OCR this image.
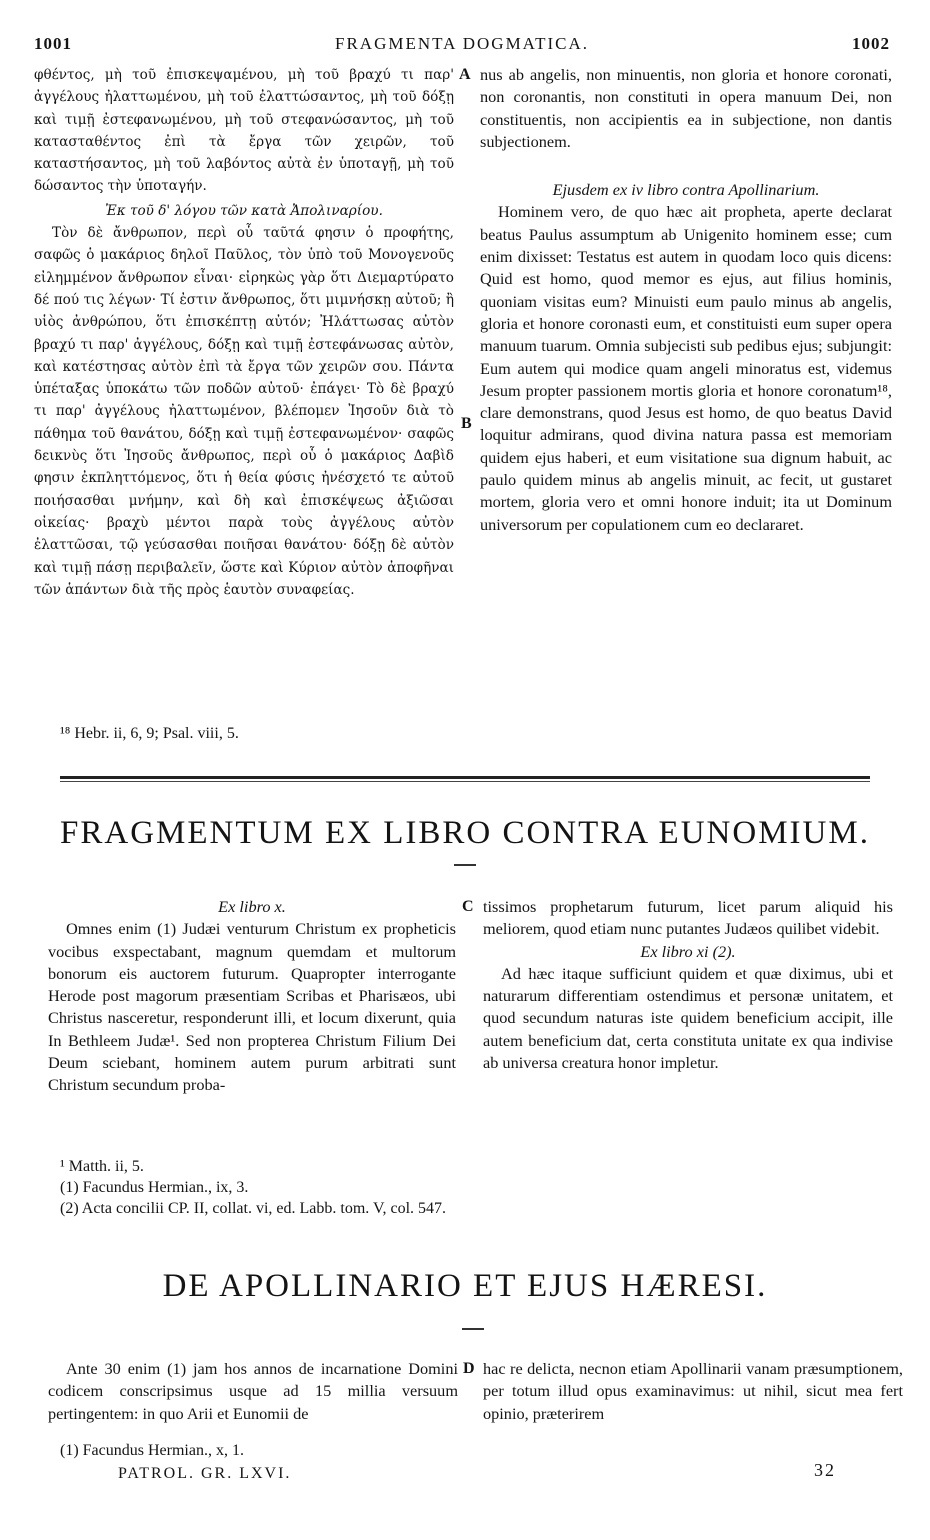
1001	FRAGMENTA DOGMATICA.	1002

φθέντος, μὴ τοῦ ἐπισκεψαμένου, μὴ τοῦ βραχύ τι παρ' ἀγγέλους ἠλαττωμένου, μὴ τοῦ ἐλαττώσαντος, μὴ τοῦ δόξῃ καὶ τιμῇ ἐστεφανωμένου, μὴ τοῦ στεφανώσαντος, μὴ τοῦ κατασταθέντος ἐπὶ τὰ ἔργα τῶν χειρῶν, τοῦ καταστήσαντος, μὴ τοῦ λαβόντος αὐτὰ ἐν ὑποταγῇ, μὴ τοῦ δώσαντος τὴν ὑποταγήν.

Ἐκ τοῦ δ' λόγου τῶν κατὰ Ἀπολιναρίου.

Τὸν δὲ ἄνθρωπον, περὶ οὗ ταῦτά φησιν ὁ προφήτης, σαφῶς ὁ μακάριος δηλοῖ Παῦλος, τὸν ὑπὸ τοῦ Μονογενοῦς εἰλημμένον ἄνθρωπον εἶναι· εἰρηκὼς γὰρ ὅτι Διεμαρτύρατο δέ πού τις λέγων· Τί ἐστιν ἄνθρωπος, ὅτι μιμνήσκῃ αὐτοῦ; ἢ υἱὸς ἀνθρώπου, ὅτι ἐπισκέπτῃ αὐτόν; Ἠλάττωσας αὐτὸν βραχύ τι παρ' ἀγγέλους, δόξῃ καὶ τιμῇ ἐστεφάνωσας αὐτὸν, καὶ κατέστησας αὐτὸν ἐπὶ τὰ ἔργα τῶν χειρῶν σου. Πάντα ὑπέταξας ὑποκάτω τῶν ποδῶν αὐτοῦ· ἐπάγει· Τὸ δὲ βραχύ τι παρ' ἀγγέλους ἠλαττωμένον, βλέπομεν Ἰησοῦν διὰ τὸ πάθημα τοῦ θανάτου, δόξῃ καὶ τιμῇ ἐστεφανωμένον· σαφῶς δεικνὺς ὅτι Ἰησοῦς ἄνθρωπος, περὶ οὗ ὁ μακάριος Δαβὶδ φησιν ἐκπληττόμενος, ὅτι ἡ θεία φύσις ἠνέσχετό τε αὐτοῦ ποιήσασθαι μνήμην, καὶ δὴ καὶ ἐπισκέψεως ἀξιῶσαι οἰκείας· βραχὺ μέντοι παρὰ τοὺς ἀγγέλους αὐτὸν ἐλαττῶσαι, τῷ γεύσασθαι ποιῆσαι θανάτου· δόξῃ δὲ αὐτὸν καὶ τιμῇ πάσῃ περιβαλεῖν, ὥστε καὶ Κύριον αὐτὸν ἀποφῆναι τῶν ἁπάντων διὰ τῆς πρὸς ἑαυτὸν συναφείας.

A
B

nus ab angelis, non minuentis, non gloria et honore coronati, non coronantis, non constituti in opera manuum Dei, non constituentis, non accipientis ea in subjectione, non dantis subjectionem.

Ejusdem ex iv libro contra Apollinarium.

Hominem vero, de quo hæc ait propheta, aperte declarat beatus Paulus assumptum ab Unigenito hominem esse; cum enim dixisset: Testatus est autem in quodam loco quis dicens: Quid est homo, quod memor es ejus, aut filius hominis, quoniam visitas eum? Minuisti eum paulo minus ab angelis, gloria et honore coronasti eum, et constituisti eum super opera manuum tuarum. Omnia subjecisti sub pedibus ejus; subjungit: Eum autem qui modice quam angeli minoratus est, videmus Jesum propter passionem mortis gloria et honore coronatum¹⁸, clare demonstrans, quod Jesus est homo, de quo beatus David loquitur admirans, quod divina natura passa est memoriam quidem ejus haberi, et eum visitatione sua dignum habuit, ac paulo quidem minus ab angelis minuit, ac fecit, ut gustaret mortem, gloria vero et omni honore induit; ita ut Dominum universorum per copulationem cum eo declararet.

¹⁸ Hebr. ii, 6, 9; Psal. viii, 5.
FRAGMENTUM EX LIBRO CONTRA EUNOMIUM.

Ex libro x.

Omnes enim (1) Judæi venturum Christum ex propheticis vocibus exspectabant, magnum quemdam et multorum bonorum eis auctorem futurum. Quapropter interrogante Herode post magorum præsentiam Scribas et Pharisæos, ubi Christus nasceretur, responderunt illi, et locum dixerunt, quia In Bethleem Judæ¹. Sed non propterea Christum Filium Dei Deum sciebant, hominem autem purum arbitrati sunt Christum secundum proba-

C tissimos prophetarum futurum, licet parum aliquid his meliorem, quod etiam nunc putantes Judæos quilibet videbit.

Ex libro xi (2).

Ad hæc itaque sufficiunt quidem et quæ diximus, ubi et naturarum differentiam ostendimus et personæ unitatem, et quod secundum naturas iste quidem beneficium accipit, ille autem beneficium dat, certa constituta unitate ex qua indivise ab universa creatura honor impletur.

¹ Matth. ii, 5.
(1) Facundus Hermian., ix, 3.
(2) Acta concilii CP. II, collat. vi, ed. Labb. tom. V, col. 547.
DE APOLLINARIO ET EJUS HÆRESI.

Ante 30 enim (1) jam hos annos de incarnatione Domini codicem conscripsimus usque ad 15 millia versuum pertingentem: in quo Arii et Eunomii de

D hac re delicta, necnon etiam Apollinarii vanam præsumptionem, per totum illud opus examinavimus: ut nihil, sicut mea fert opinio, præterirem

(1) Facundus Hermian., x, 1.
PATROL. GR. LXVI.	32
